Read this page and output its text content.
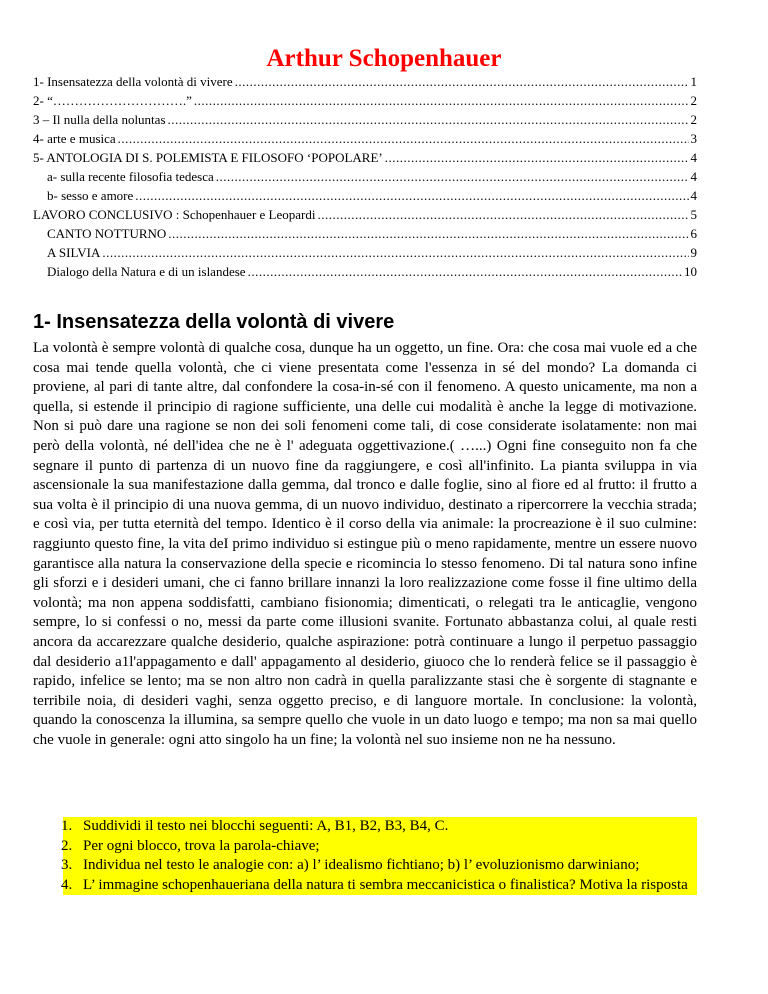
Arthur Schopenhauer
1- Insensatezza della volontà di vivere .....	1
2- “………………………….” .....	2
3 – Il nulla della noluntas .....	2
4- arte e musica .....	3
5- ANTOLOGIA DI S. POLEMISTA E FILOSOFO ‘POPOLARE’ .....	4
a- sulla recente filosofia tedesca .....	4
b- sesso e amore .....	4
LAVORO CONCLUSIVO : Schopenhauer e Leopardi .....	5
CANTO NOTTURNO .....	6
A SILVIA .....	9
Dialogo della Natura e di un islandese .....	10
1- Insensatezza della volontà di vivere

La volontà è sempre volontà di qualche cosa, dunque ha un oggetto, un fine. Ora: che cosa mai vuole ed a che cosa mai tende quella volontà, che ci viene presentata come l'essenza in sé del mondo? La domanda ci proviene, al pari di tante altre, dal confondere la cosa-in-sé con il fenomeno. A questo unicamente, ma non a quella, si estende il principio di ragione sufficiente, una delle cui modalità è anche la legge di motivazione. Non si può dare una ragione se non dei soli fenomeni come tali, di cose considerate isolatamente: non mai però della volontà, né dell'idea che ne è l' adeguata oggettivazione.( …...) Ogni fine conseguito non fa che segnare il punto di partenza di un nuovo fine da raggiungere, e così all'infinito. La pianta sviluppa in via ascensionale la sua manifestazione dalla gemma, dal tronco e dalle foglie, sino al fiore ed al frutto: il frutto a sua volta è il principio di una nuova gemma, di un nuovo individuo, destinato a ripercorrere la vecchia strada; e così via, per tutta eternità del tempo. Identico è il corso della via animale: la procreazione è il suo culmine: raggiunto questo fine, la vita deI primo individuo si estingue più o meno rapidamente, mentre un essere nuovo garantisce alla natura la conservazione della specie e ricomincia lo stesso fenomeno. Di tal natura sono infine gli sforzi e i desideri umani, che ci fanno brillare innanzi la loro realizzazione come fosse il fine ultimo della volontà; ma non appena soddisfatti, cambiano fisionomia; dimenticati, o relegati tra le anticaglie, vengono sempre, lo si confessi o no, messi da parte come illusioni svanite. Fortunato abbastanza colui, al quale resti ancora da accarezzare qualche desiderio, qualche aspirazione: potrà continuare a lungo il perpetuo passaggio dal desiderio a1l'appagamento e dall' appagamento al desiderio, giuoco che lo renderà felice se il passaggio è rapido, infelice se lento; ma se non altro non cadrà in quella paralizzante stasi che è sorgente di stagnante e terribile noia, di desideri vaghi, senza oggetto preciso, e di languore mortale. In conclusione: la volontà, quando la conoscenza la illumina, sa sempre quello che vuole in un dato luogo e tempo; ma non sa mai quello che vuole in generale: ogni atto singolo ha un fine; la volontà nel suo insieme non ne ha nessuno.

1. Suddividi il testo nei blocchi seguenti: A, B1, B2, B3, B4, C.
2. Per ogni blocco, trova la parola-chiave;
3. Individua nel testo le analogie con: a) l’ idealismo fichtiano; b) l’ evoluzionismo darwiniano;
4. L’ immagine schopenhaueriana della natura ti sembra meccanicistica o finalistica? Motiva la risposta
